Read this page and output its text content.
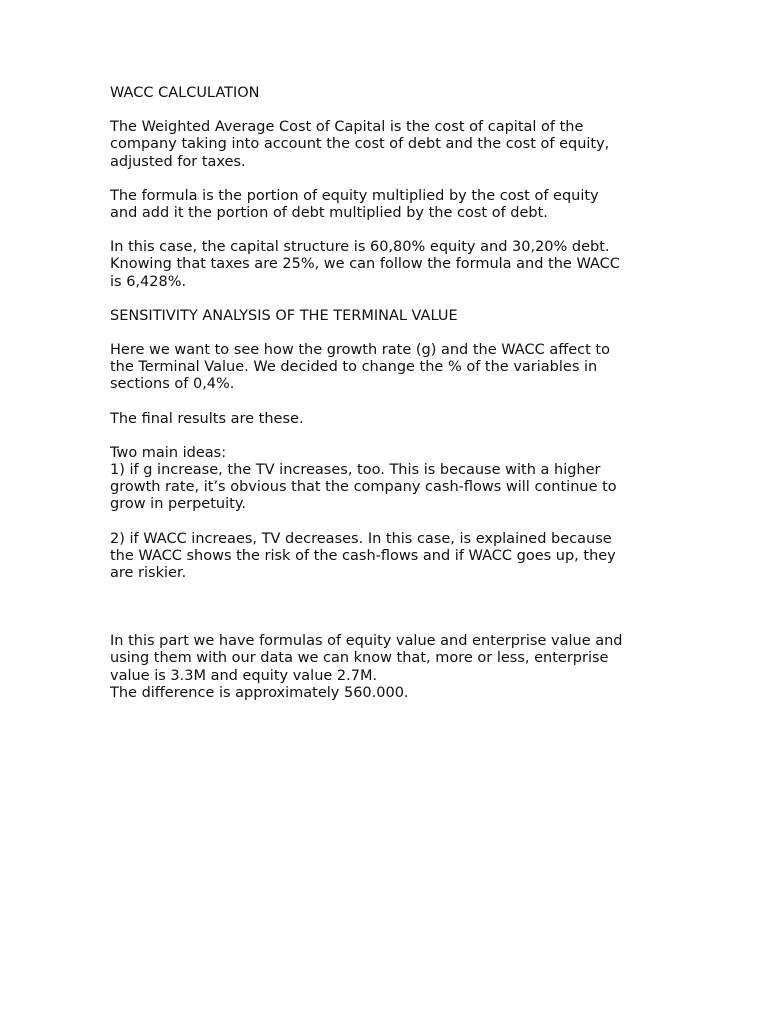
WACC CALCULATION

The Weighted Average Cost of Capital is the cost of capital of the
company taking into account the cost of debt and the cost of equity,
adjusted for taxes.

The formula is the portion of equity multiplied by the cost of equity
and add it the portion of debt multiplied by the cost of debt.

In this case, the capital structure is 60,80% equity and 30,20% debt.
Knowing that taxes are 25%, we can follow the formula and the WACC
is 6,428%.

SENSITIVITY ANALYSIS OF THE TERMINAL VALUE

Here we want to see how the growth rate (g) and the WACC affect to
the Terminal Value. We decided to change the % of the variables in
sections of 0,4%.

The final results are these.

Two main ideas:
1) if g increase, the TV increases, too. This is because with a higher
growth rate, it’s obvious that the company cash-flows will continue to
grow in perpetuity.

2) if WACC increaes, TV decreases. In this case, is explained because
the WACC shows the risk of the cash-flows and if WACC goes up, they
are riskier.

In this part we have formulas of equity value and enterprise value and
using them with our data we can know that, more or less, enterprise
value is 3.3M and equity value 2.7M.
The difference is approximately 560.000.
